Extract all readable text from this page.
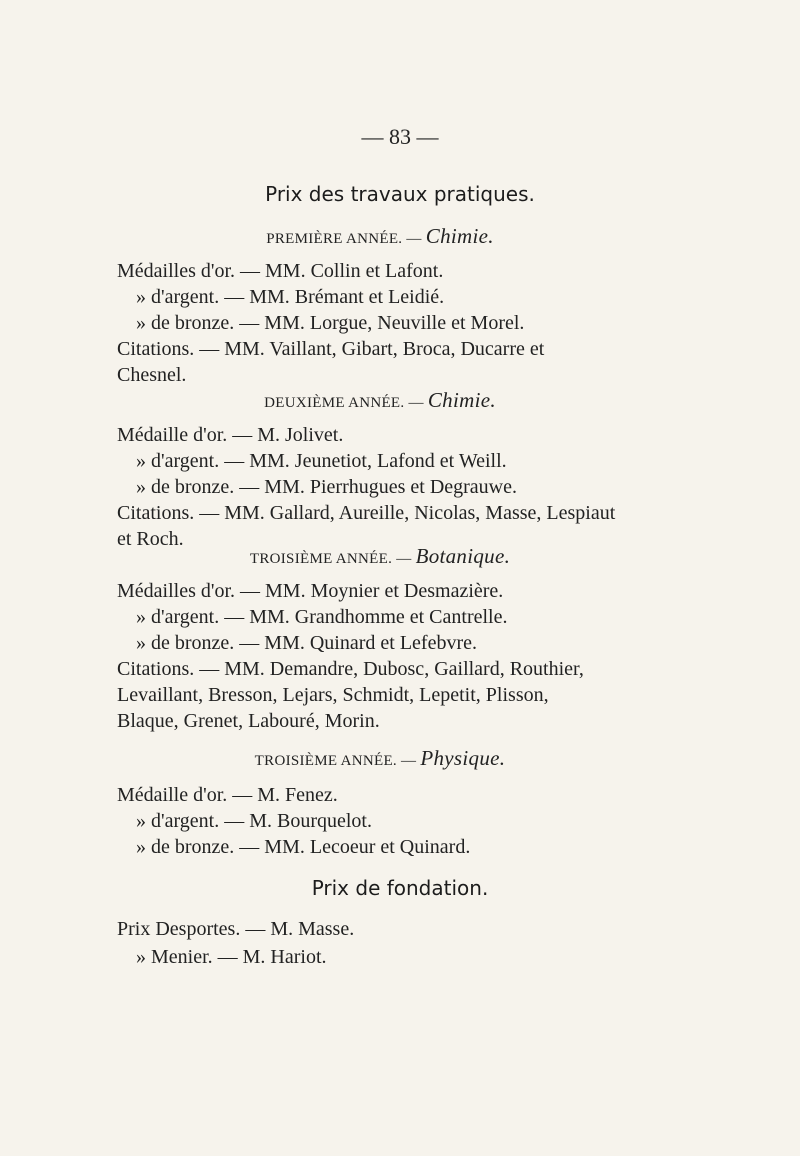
— 83 —
Prix des travaux pratiques.
PREMIÈRE ANNÉE. — Chimie.
Médailles d'or. — MM. Collin et Lafont.
» d'argent. — MM. Brémant et Leidié.
» de bronze. — MM. Lorgue, Neuville et Morel.
Citations. — MM. Vaillant, Gibart, Broca, Ducarre et
Chesnel.
DEUXIÈME ANNÉE. — Chimie.
Médaille d'or. — M. Jolivet.
» d'argent. — MM. Jeunetiot, Lafond et Weill.
» de bronze. — MM. Pierrhugues et Degrauwe.
Citations. — MM. Gallard, Aureille, Nicolas, Masse, Lespiaut
et Roch.
TROISIÈME ANNÉE. — Botanique.
Médailles d'or. — MM. Moynier et Desmazière.
» d'argent. — MM. Grandhomme et Cantrelle.
» de bronze. — MM. Quinard et Lefebvre.
Citations. — MM. Demandre, Dubosc, Gaillard, Routhier,
Levaillant, Bresson, Lejars, Schmidt, Lepetit, Plisson,
Blaque, Grenet, Labouré, Morin.
TROISIÈME ANNÉE. — Physique.
Médaille d'or. — M. Fenez.
» d'argent. — M. Bourquelot.
» de bronze. — MM. Lecoeur et Quinard.
Prix de fondation.
Prix Desportes. — M. Masse.
» Menier. — M. Hariot.
